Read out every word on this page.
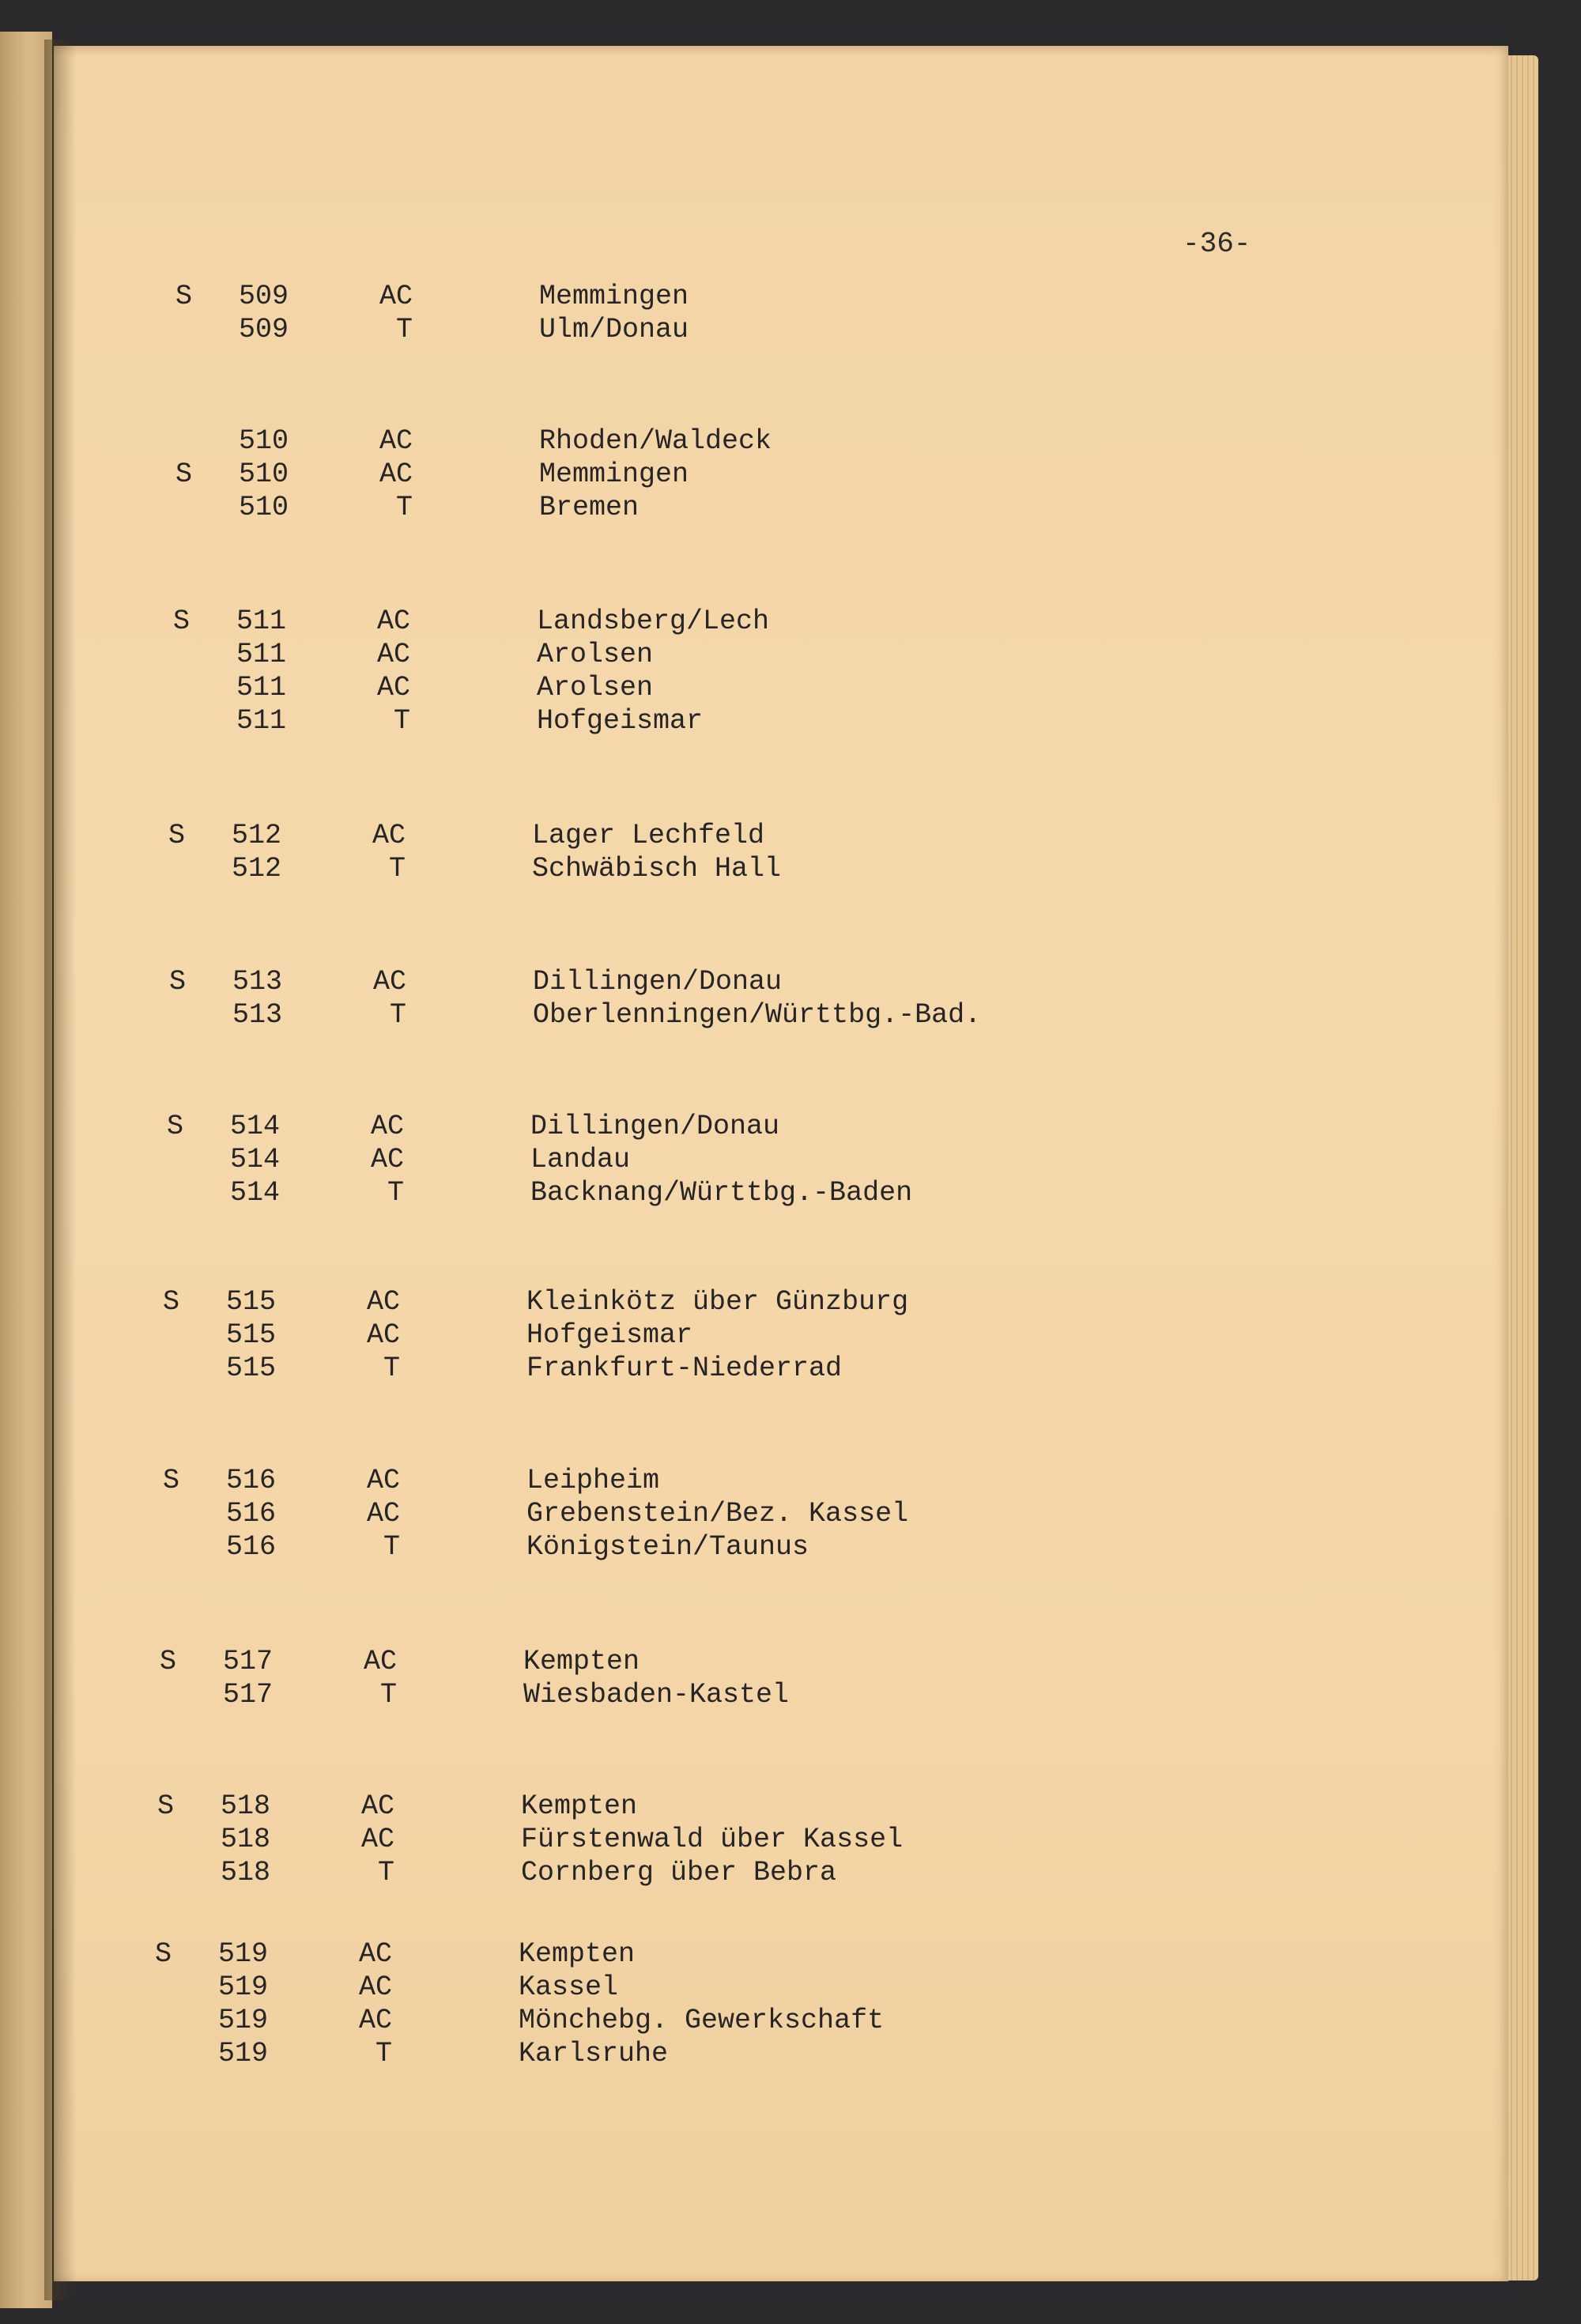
-36-
S 509	AC	Memmingen
509	T	Ulm/Donau
510	AC	Rhoden/Waldeck
S 510	AC	Memmingen
510	T	Bremen
S 511	AC	Landsberg/Lech
511	AC	Arolsen
511	AC	Arolsen
511	T	Hofgeismar
S 512	AC	Lager Lechfeld
512	T	Schwäbisch Hall
S 513	AC	Dillingen/Donau
513	T	Oberlenningen/Württbg.-Bad.
S 514	AC	Dillingen/Donau
514	AC	Landau
514	T	Backnang/Württbg.-Baden
S 515	AC	Kleinkötz über Günzburg
515	AC	Hofgeismar
515	T	Frankfurt-Niederrad
S 516	AC	Leipheim
516	AC	Grebenstein/Bez. Kassel
516	T	Königstein/Taunus
S 517	AC	Kempten
517	T	Wiesbaden-Kastel
S 518	AC	Kempten
518	AC	Fürstenwald über Kassel
518	T	Cornberg über Bebra
S 519	AC	Kempten
519	AC	Kassel
519	AC	Mönchebg. Gewerkschaft
519	T	Karlsruhe
